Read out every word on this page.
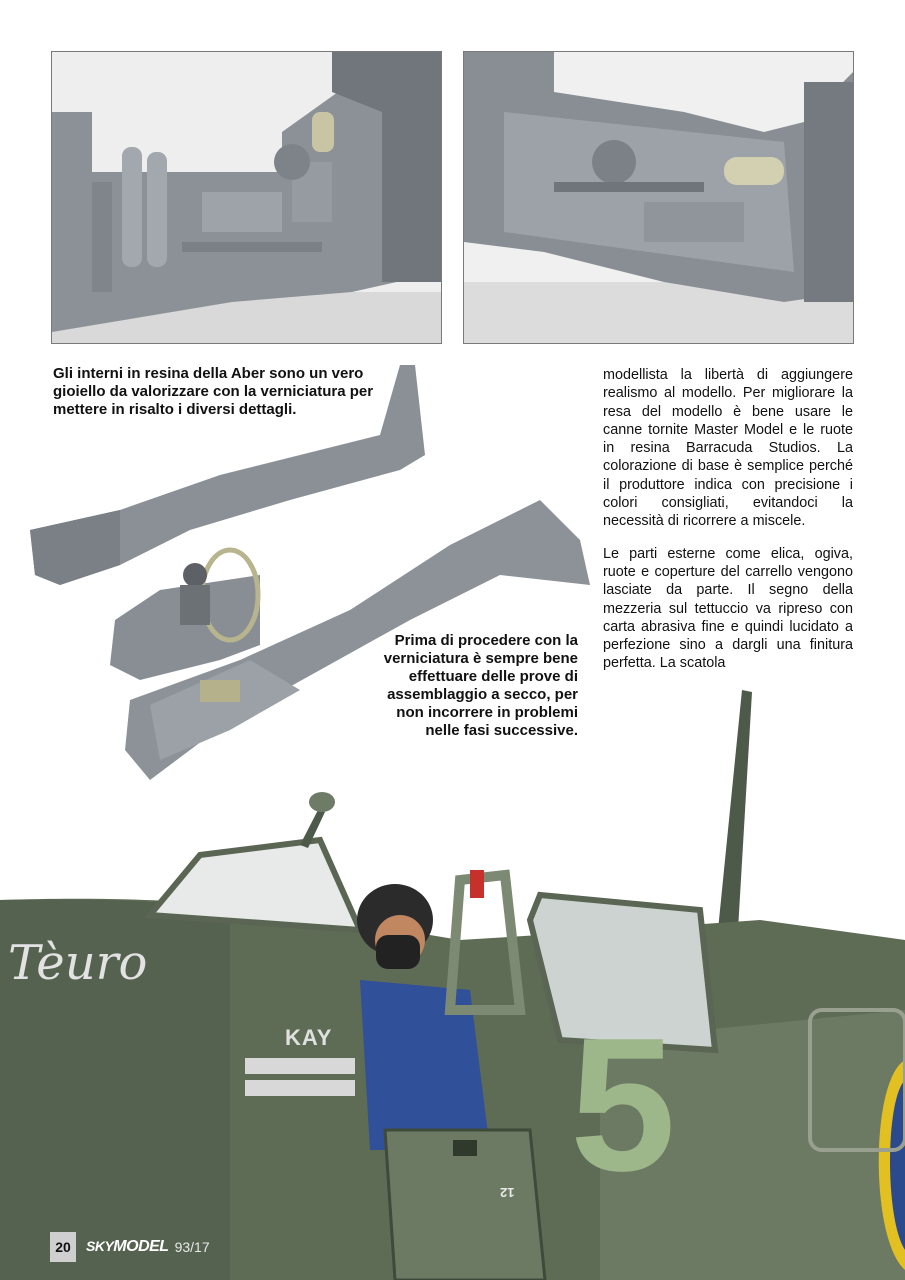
KAY 5
Tèuro
12
Gli interni in resina della Aber sono un vero gioiello da valorizzare con la verniciatura per mettere in risalto i diversi dettagli.
Prima di procedere con la verniciatura è sempre bene effettuare delle prove di assemblaggio a secco, per non incorrere in problemi nelle fasi successive.

modellista la libertà di aggiungere realismo al modello. Per migliorare la resa del modello è bene usare le canne tornite Master Model e le ruote in resina Barracuda Studios. La colorazione di base è semplice perché il produttore indica con precisione i colori consigliati, evitandoci la necessità di ricorrere a miscele.

Le parti esterne come elica, ogiva, ruote e coperture del carrello vengono lasciate da parte. Il segno della mezzeria sul tettuccio va ripreso con carta abrasiva fine e quindi lucidato a perfezione sino a dargli una finitura perfetta. La scatola

20	SKYMODEL 93/17
